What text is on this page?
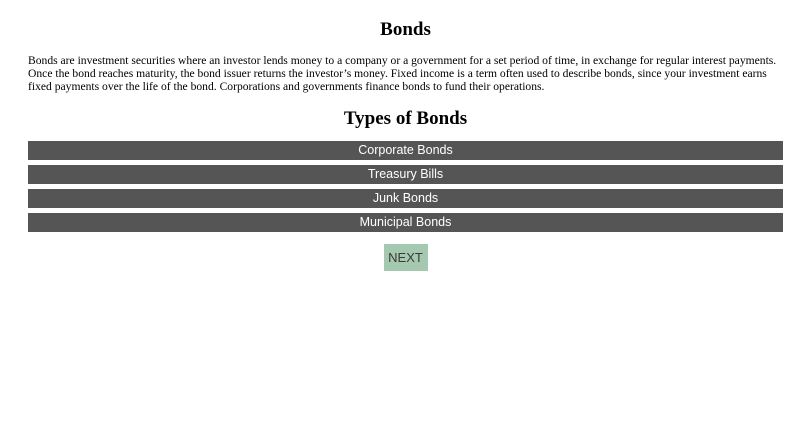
Bonds

Bonds are investment securities where an investor lends money to a company or a government for a set period of time, in exchange for regular interest payments. Once the bond reaches maturity, the bond issuer returns the investor’s money. Fixed income is a term often used to describe bonds, since your investment earns fixed payments over the life of the bond. Corporations and governments finance bonds to fund their operations.

Types of Bonds
Corporate Bonds
Treasury Bills
Junk Bonds
Municipal Bonds
NEXT
